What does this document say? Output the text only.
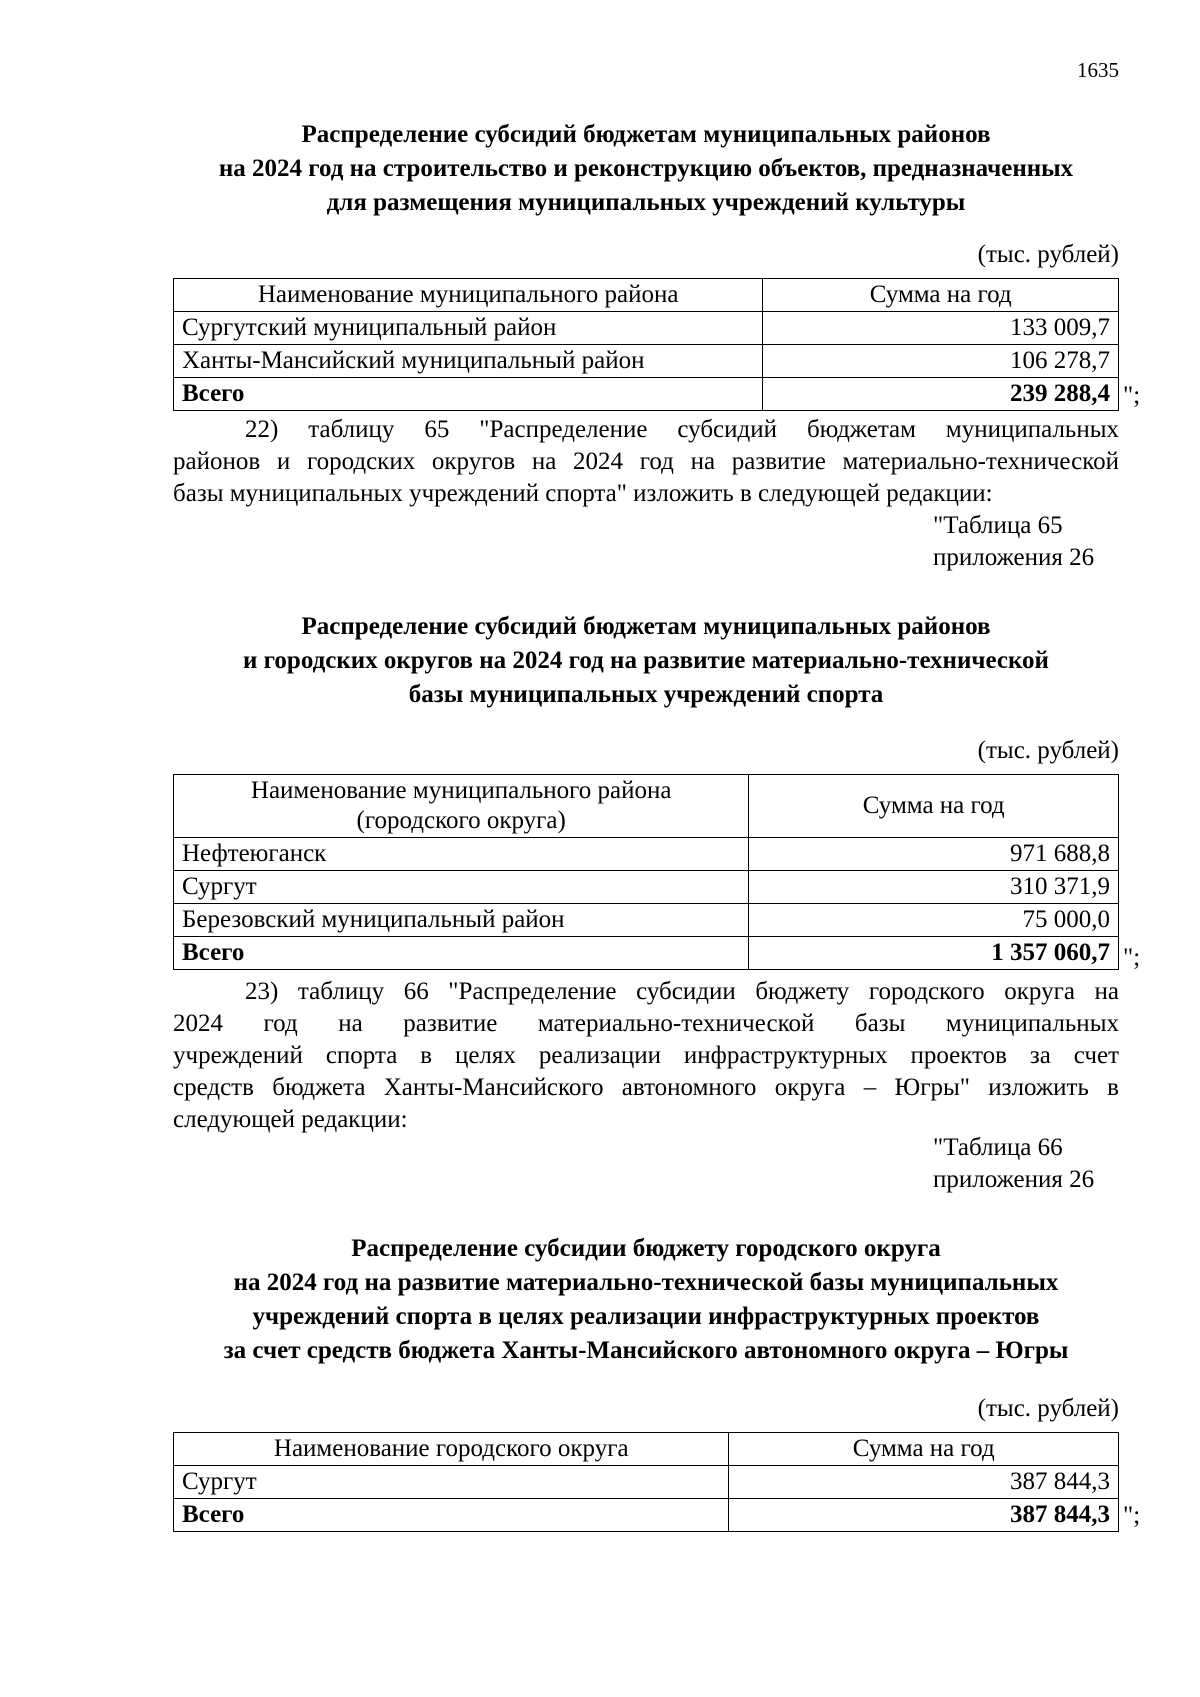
1635
Распределение субсидий бюджетам муниципальных районов
на 2024 год на строительство и реконструкцию объектов, предназначенных
для размещения муниципальных учреждений культуры
(тыс. рублей)
Наименование муниципального района	Сумма на год
Сургутский муниципальный район	133 009,7
Ханты-Мансийский муниципальный район	106 278,7
Всего	239 288,4 ";
22) таблицу 65 "Распределение субсидий бюджетам муниципальных
районов и городских округов на 2024 год на развитие материально-технической
базы муниципальных учреждений спорта" изложить в следующей редакции:
"Таблица 65
приложения 26
Распределение субсидий бюджетам муниципальных районов
и городских округов на 2024 год на развитие материально-технической
базы муниципальных учреждений спорта
(тыс. рублей)
Наименование муниципального района
(городского округа)	Сумма на год
Нефтеюганск	971 688,8
Сургут	310 371,9
Березовский муниципальный район	75 000,0
Всего	1 357 060,7 ";
23) таблицу 66 "Распределение субсидии бюджету городского округа на
2024 год на развитие материально-технической базы муниципальных
учреждений спорта в целях реализации инфраструктурных проектов за счет
средств бюджета Ханты-Мансийского автономного округа – Югры" изложить в
следующей редакции:
"Таблица 66
приложения 26
Распределение субсидии бюджету городского округа
на 2024 год на развитие материально-технической базы муниципальных
учреждений спорта в целях реализации инфраструктурных проектов
за счет средств бюджета Ханты-Мансийского автономного округа – Югры
(тыс. рублей)
Наименование городского округа	Сумма на год
Сургут	387 844,3
Всего	387 844,3 ";
